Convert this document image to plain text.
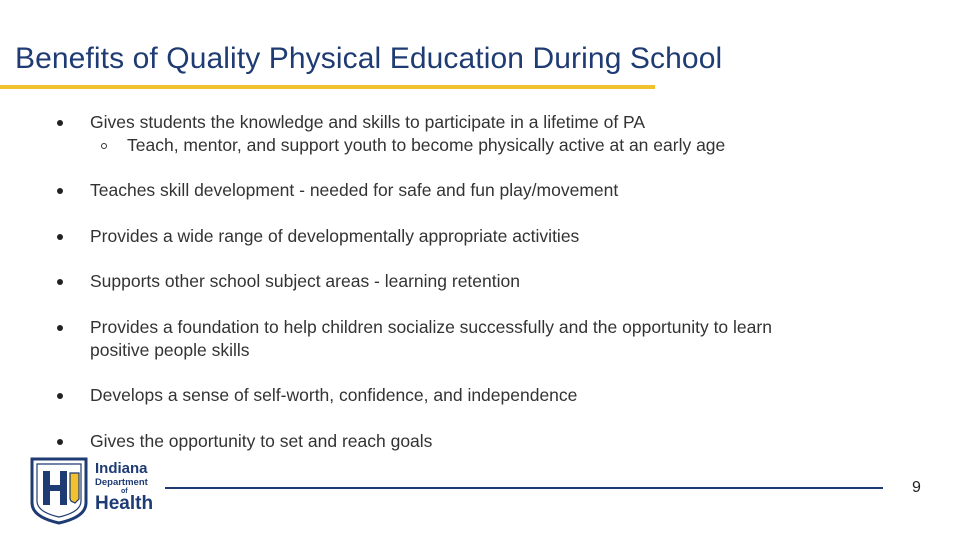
Benefits of Quality Physical Education During School
Gives students the knowledge and skills to participate in a lifetime of PA
Teach, mentor, and support youth to become physically active at an early age
Teaches skill development - needed for safe and fun play/movement
Provides a wide range of developmentally appropriate activities
Supports other school subject areas - learning retention
Provides a foundation to help children socialize successfully and the opportunity to learn
positive people skills
Develops a sense of self-worth, confidence, and independence
Gives the opportunity to set and reach goals
Indiana
Department
of
Health
9
